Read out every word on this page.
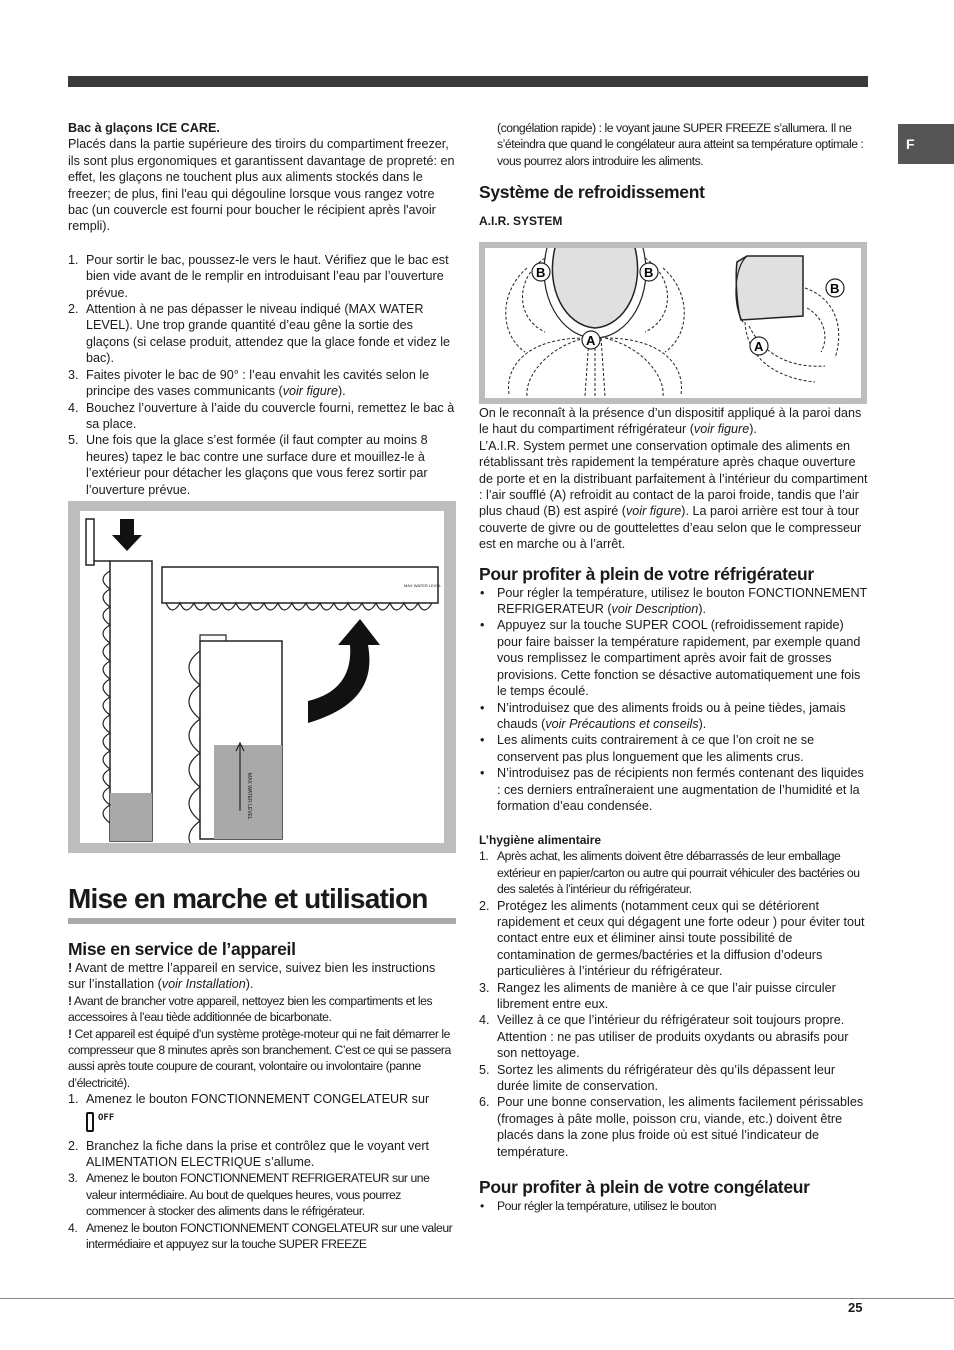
F

Bac à glaçons ICE CARE.

Placés dans la partie supérieure des tiroirs du compartiment freezer, ils sont plus ergonomiques et garantissent davantage de propreté: en effet, les glaçons ne touchent plus aux aliments stockés dans le freezer; de plus, fini l'eau qui dégouline lorsque vous rangez votre bac (un couvercle est fourni pour boucher le récipient après l'avoir rempli).

1. Pour sortir le bac, poussez-le vers le haut. Vérifiez que le bac est bien vide avant de le remplir en introduisant l’eau par l’ouverture prévue.
2. Attention à ne pas dépasser le niveau indiqué (MAX WATER LEVEL). Une trop grande quantité d’eau gêne la sortie des glaçons (si celase produit, attendez que la glace fonde et videz le bac).
3. Faites pivoter le bac de 90° : l’eau envahit les cavités selon le principe des vases communicants (voir figure).
4. Bouchez l’ouverture à l’aide du couvercle fourni, remettez le bac à sa place.
5. Une fois que la glace s’est formée (il faut compter au moins 8 heures) tapez le bac contre une surface dure et mouillez-le à l’extérieur pour détacher les glaçons que vous ferez sortir par l’ouverture prévue.
MAX WATER LEVEL
MAX WATER LEVEL
Mise en marche et utilisation
Mise en service de l’appareil

! Avant de mettre l’appareil en service, suivez bien les instructions sur l’installation (voir Installation).

! Avant de brancher votre appareil, nettoyez bien les compartiments et les accessoires à l’eau tiède additionnée de bicarbonate.

! Cet appareil est équipé d’un système protège-moteur qui ne fait démarrer le compresseur que 8 minutes après son branchement. C’est ce qui se passera aussi après toute coupure de courant, volontaire ou involontaire (panne d’électricité).

1. Amenez le bouton FONCTIONNEMENT CONGELATEUR sur
OFF
2. Branchez la fiche dans la prise et contrôlez que le voyant vert ALIMENTATION ELECTRIQUE s’allume.
3. Amenez le bouton FONCTIONNEMENT REFRIGERATEUR sur une valeur intermédiaire. Au bout de quelques heures, vous pourrez commencer à stocker des aliments dans le réfrigérateur.
4. Amenez le bouton FONCTIONNEMENT CONGELATEUR sur une valeur intermédiaire et appuyez sur la touche SUPER FREEZE

(congélation rapide) : le voyant jaune SUPER FREEZE s’allumera. Il ne s’éteindra que quand le congélateur aura atteint sa température optimale : vous pourrez alors introduire les aliments.

Système de refroidissement
A.I.R. SYSTEM
B	B
A
B
A

On le reconnaît à la présence d’un dispositif appliqué à la paroi dans le haut du compartiment réfrigérateur (voir figure).

L’A.I.R. System permet une conservation optimale des aliments en rétablissant très rapidement la température après chaque ouverture de porte et en la distribuant parfaitement à l’intérieur du compartiment : l’air soufflé (A) refroidit au contact de la paroi froide, tandis que l’air plus chaud (B) est aspiré (voir figure). La paroi arrière est tour à tour couverte de givre ou de gouttelettes d’eau selon que le compresseur est en marche ou à l’arrêt.

Pour profiter à plein de votre réfrigérateur
• Pour régler la température, utilisez le bouton FONCTIONNEMENT REFRIGERATEUR (voir Description).
• Appuyez sur la touche SUPER COOL (refroidissement rapide) pour faire baisser la température rapidement, par exemple quand vous remplissez le compartiment après avoir fait de grosses provisions. Cette fonction se désactive automatiquement une fois le temps écoulé.
• N’introduisez que des aliments froids ou à peine tièdes, jamais chauds (voir Précautions et conseils).
• Les aliments cuits contrairement à ce que l’on croit ne se conservent pas plus longuement que les aliments crus.
• N’introduisez pas de récipients non fermés contenant des liquides : ces derniers entraîneraient une augmentation de l’humidité et la formation d’eau condensée.
L’hygiène alimentaire
1. Après achat, les aliments doivent être débarrassés de leur emballage extérieur en papier/carton ou autre qui pourrait véhiculer des bactéries ou des saletés à l’intérieur du réfrigérateur.
2. Protégez les aliments (notamment ceux qui se détériorent rapidement et ceux qui dégagent une forte odeur ) pour éviter tout contact entre eux et éliminer ainsi toute possibilité de contamination de germes/bactéries et la diffusion d’odeurs particulières à l’intérieur du réfrigérateur.
3. Rangez les aliments de manière à ce que l’air puisse circuler librement entre eux.
4. Veillez à ce que l’intérieur du réfrigérateur soit toujours propre. Attention : ne pas utiliser de produits oxydants ou abrasifs pour son nettoyage.
5. Sortez les aliments du réfrigérateur dès qu’ils dépassent leur durée limite de conservation.
6. Pour une bonne conservation, les aliments facilement périssables (fromages à pâte molle, poisson cru, viande, etc.) doivent être placés dans la zone plus froide où est situé l’indicateur de température.
Pour profiter à plein de votre congélateur
• Pour régler la température, utilisez le bouton
25
